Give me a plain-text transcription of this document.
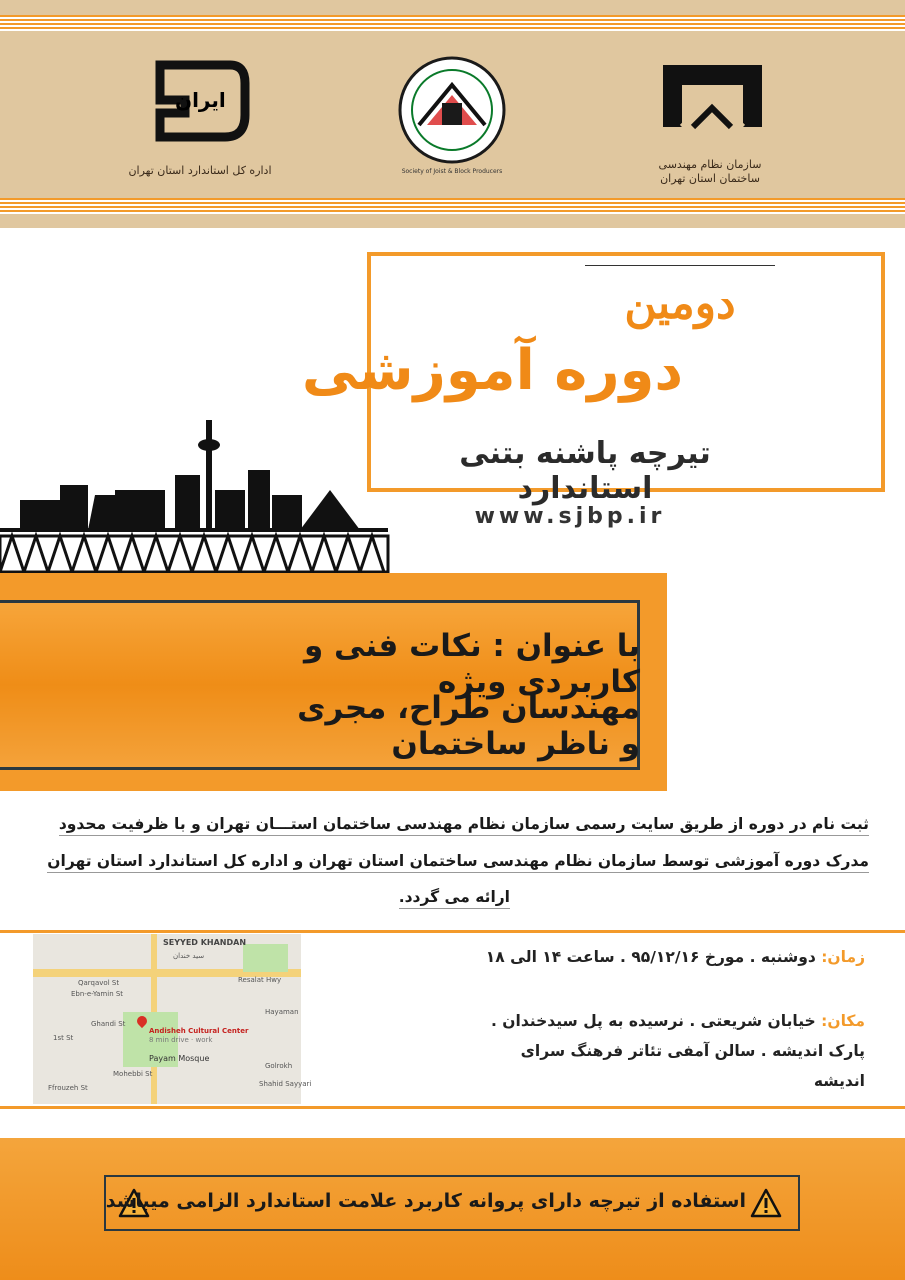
ایران
اداره کل استاندارد استان تهران	Society of Joist & Block Producers
سازمان نظام مهندسی ساختمان استان تهران
دومین
دوره آموزشی
تیرچه پاشنه بتنی استاندارد
www.sjbp.ir
با عنوان : نکات فنی و کاربردی ویژه
مهندسان طراح، مجری و ناظر ساختمان
ثبت نام در دوره از طریق سایت رسمی سازمان نظام مهندسی ساختمان استـــان تهران و با ظرفیت محدود
مدرک دوره آموزشی توسط سازمان نظام مهندسی ساختمان استان تهران و اداره کل استاندارد استان تهران
ارائه می گردد.
SEYYED KHANDAN
سید خندان
Qarqavol St
Ebn-e-Yamin St
Ghandi St
1st St
Resalat Hwy
Hayaman
Mohebbi St
Ffrouzeh St
Golrokh
Shahid Sayyari
Andisheh Cultural Center
8 min drive · work
Payam Mosque
زمان: دوشنبه . مورخ ۹۵/۱۲/۱۶ . ساعت ۱۴ الی ۱۸
مکان: خیابان شریعتی . نرسیده به پل سیدخندان .
پارک اندیشه . سالن آمفی تئاتر فرهنگ سرای
اندیشه
استفاده از تیرچه دارای پروانه کاربرد علامت استاندارد الزامی میباشد
